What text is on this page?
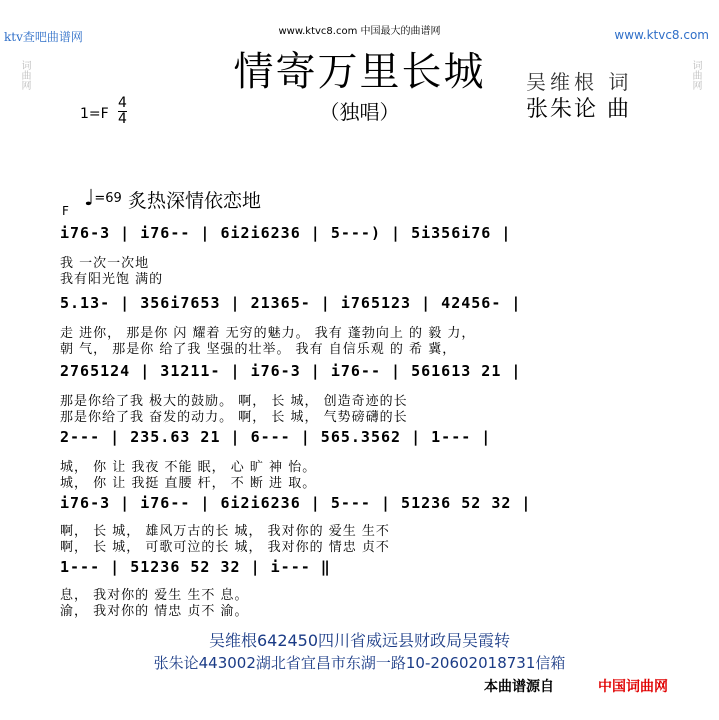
ktv查吧曲谱网	www.ktvc8.com 中国最大的曲谱网	www.ktvc8.com
词曲网	词曲网
情寄万里长城
（独唱）
$1=F \frac{4}{4}$
吴维根 词
张朱论 曲
F ♩=69 炙热深情依恋地
i76-3 | i76-- | 6i2i6236 | 5---) | 5i356i76 |
我 一次一次地
我有阳光饱 满的
5.13- | 356i7653 | 21365- | i765123 | 42456- |
走 进你， 那是你 闪 耀着 无穷的魅力。 我有 蓬勃向上 的 毅 力，
朝 气， 那是你 给了我 坚强的壮举。 我有 自信乐观 的 希 冀，
2765124 | 31211- | i76-3 | i76-- | 561613 21 |
那是你给了我 极大的鼓励。 啊， 长 城， 创造奇迹的长
那是你给了我 奋发的动力。 啊， 长 城， 气势磅礴的长
2--- | 235.63 21 | 6--- | 565.3562 | 1--- |
城， 你 让 我夜 不能 眠， 心 旷 神 怡。
城， 你 让 我挺 直腰 杆， 不 断 进 取。
i76-3 | i76-- | 6i2i6236 | 5--- | 51236 52 32 |
啊， 长 城， 雄风万古的长 城， 我对你的 爱生 生不
啊， 长 城， 可歌可泣的长 城， 我对你的 情忠 贞不
1--- | 51236 52 32 | i--- ‖
息， 我对你的 爱生 生不 息。
渝， 我对你的 情忠 贞不 渝。
吴维根642450四川省威远县财政局吴霞转
张朱论443002湖北省宜昌市东湖一路10-20602018731信箱
本曲谱源自	中国词曲网
